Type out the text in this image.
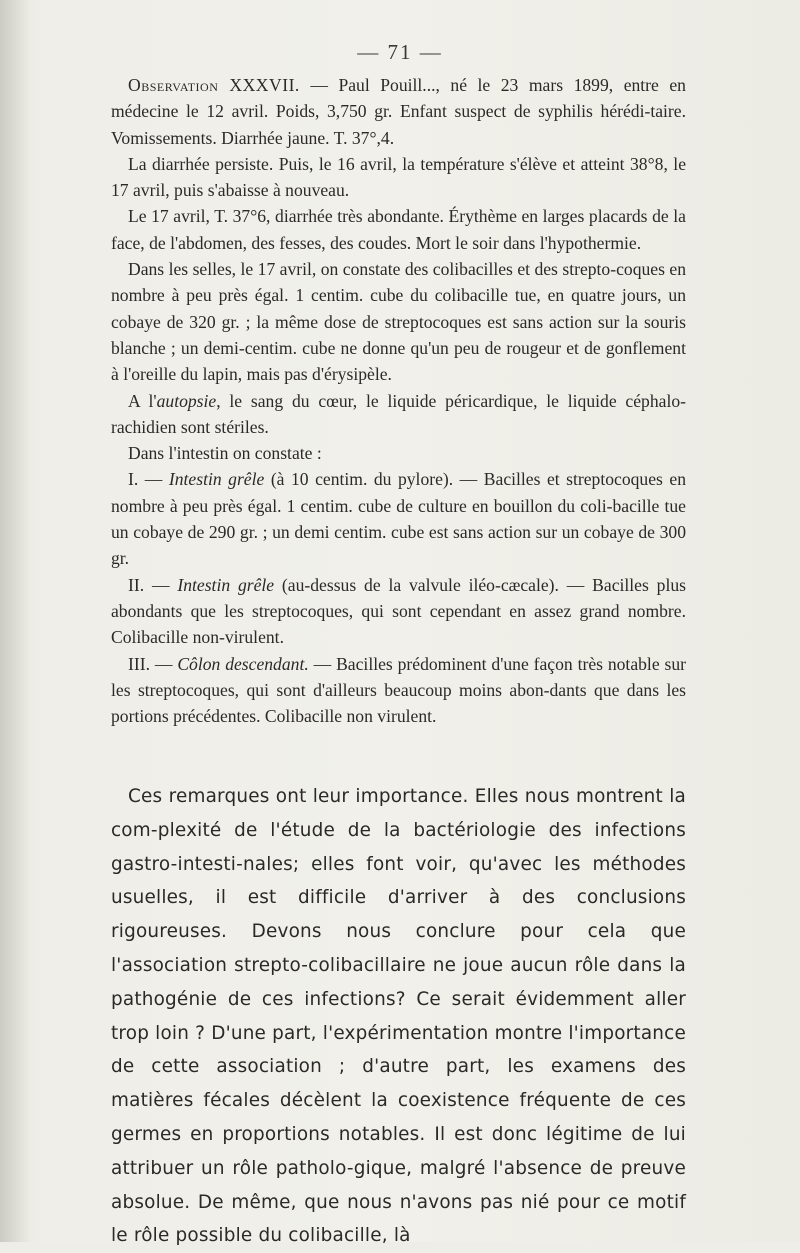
— 71 —

Observation XXXVII. — Paul Pouill..., né le 23 mars 1899, entre en médecine le 12 avril. Poids, 3,750 gr. Enfant suspect de syphilis hérédi-taire. Vomissements. Diarrhée jaune. T. 37°,4.

La diarrhée persiste. Puis, le 16 avril, la température s'élève et atteint 38°8, le 17 avril, puis s'abaisse à nouveau.

Le 17 avril, T. 37°6, diarrhée très abondante. Érythème en larges placards de la face, de l'abdomen, des fesses, des coudes. Mort le soir dans l'hypothermie.

Dans les selles, le 17 avril, on constate des colibacilles et des strepto-coques en nombre à peu près égal. 1 centim. cube du colibacille tue, en quatre jours, un cobaye de 320 gr. ; la même dose de streptocoques est sans action sur la souris blanche ; un demi-centim. cube ne donne qu'un peu de rougeur et de gonflement à l'oreille du lapin, mais pas d'érysipèle.

A l'autopsie, le sang du cœur, le liquide péricardique, le liquide céphalo-rachidien sont stériles.

Dans l'intestin on constate :

I. — Intestin grêle (à 10 centim. du pylore). — Bacilles et streptocoques en nombre à peu près égal. 1 centim. cube de culture en bouillon du coli-bacille tue un cobaye de 290 gr. ; un demi centim. cube est sans action sur un cobaye de 300 gr.

II. — Intestin grêle (au-dessus de la valvule iléo-cæcale). — Bacilles plus abondants que les streptocoques, qui sont cependant en assez grand nombre. Colibacille non-virulent.

III. — Côlon descendant. — Bacilles prédominent d'une façon très notable sur les streptocoques, qui sont d'ailleurs beaucoup moins abon-dants que dans les portions précédentes. Colibacille non virulent.

Ces remarques ont leur importance. Elles nous montrent la com-plexité de l'étude de la bactériologie des infections gastro-intesti-nales; elles font voir, qu'avec les méthodes usuelles, il est difficile d'arriver à des conclusions rigoureuses. Devons nous conclure pour cela que l'association strepto-colibacillaire ne joue aucun rôle dans la pathogénie de ces infections? Ce serait évidemment aller trop loin ? D'une part, l'expérimentation montre l'importance de cette association ; d'autre part, les examens des matières fécales décèlent la coexistence fréquente de ces germes en proportions notables. Il est donc légitime de lui attribuer un rôle patholo-gique, malgré l'absence de preuve absolue. De même, que nous n'avons pas nié pour ce motif le rôle possible du colibacille, là
